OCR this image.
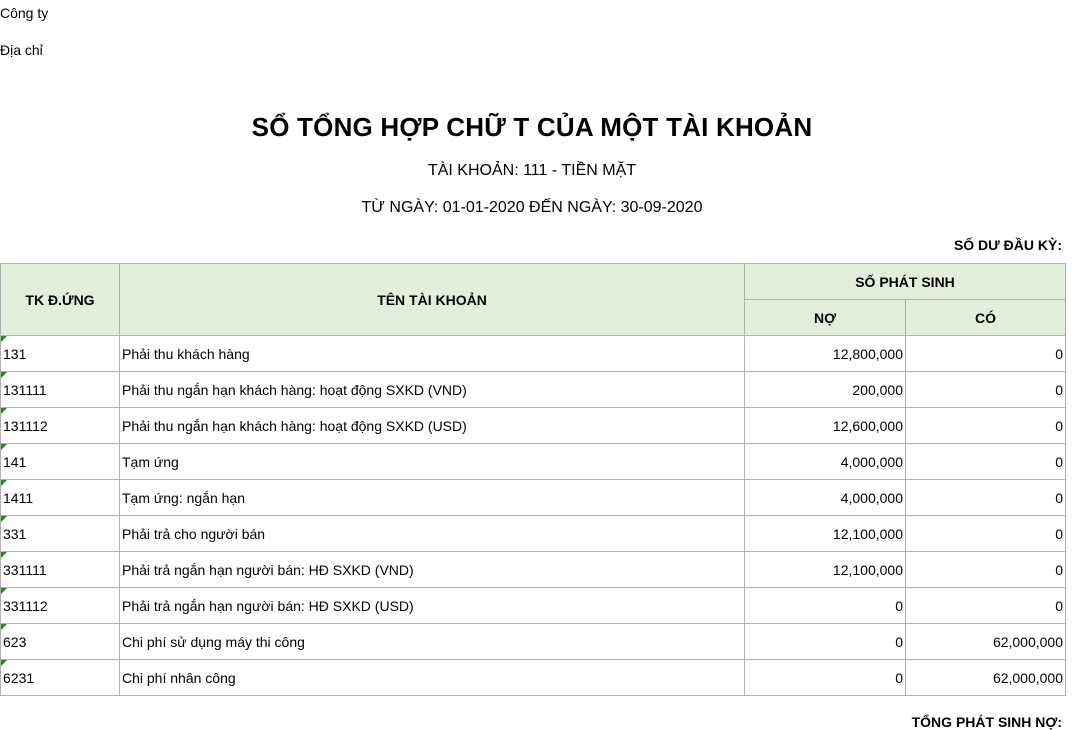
Công ty
Địa chỉ
SỔ TỔNG HỢP CHỮ T CỦA MỘT TÀI KHOẢN
TÀI KHOẢN: 111 - TIỀN MẶT
TỪ NGÀY: 01-01-2020 ĐẾN NGÀY: 30-09-2020
SỐ DƯ ĐẦU KỲ:
TK Đ.ỨNG	TÊN TÀI KHOẢN	SỐ PHÁT SINH	
		NỢ	CÓ
131	Phải thu khách hàng	12,800,000	0
131111	Phải thu ngắn hạn khách hàng: hoạt động SXKD (VND)	200,000	0
131112	Phải thu ngắn hạn khách hàng: hoạt động SXKD (USD)	12,600,000	0
141	Tạm ứng	4,000,000	0
1411	Tạm ứng: ngắn hạn	4,000,000	0
331	Phải trả cho người bán	12,100,000	0
331111	Phải trả ngắn hạn người bán: HĐ SXKD (VND)	12,100,000	0
331112	Phải trả ngắn hạn người bán: HĐ SXKD (USD)	0	0
623	Chi phí sử dụng máy thi công	0	62,000,000
6231	Chi phí nhân công	0	62,000,000
TỔNG PHÁT SINH NỢ:
